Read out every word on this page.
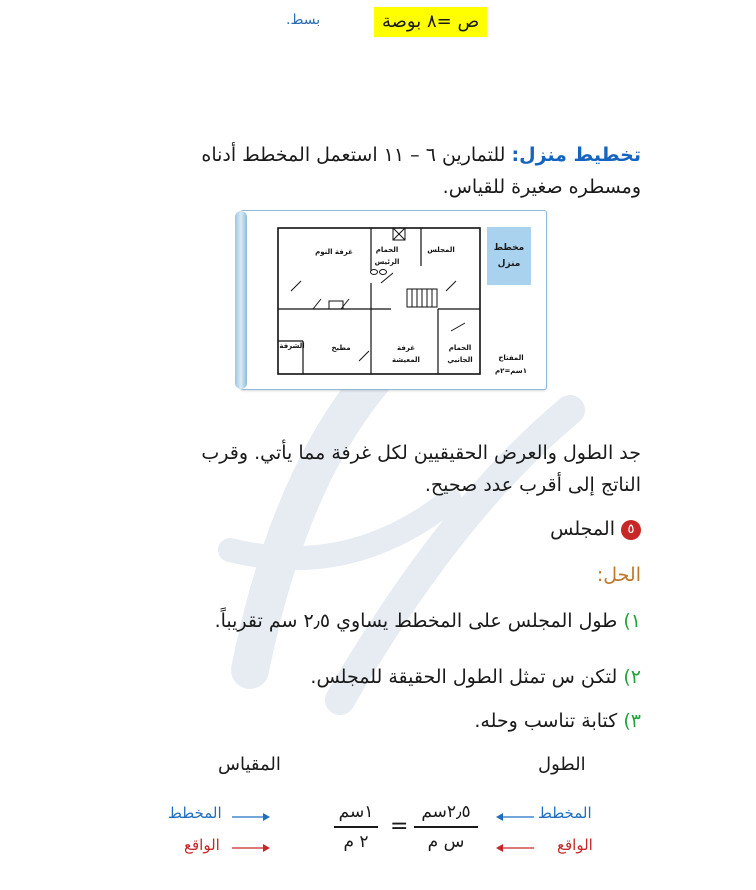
ص =٨ بوصة
بسط.
تخطيط منزل: للتمارين ٦ – ١١ استعمل المخطط أدناه
ومسطره صغيرة للقياس.
غرفة النوم	الحمام
الرئيس
المجلس
الشرفة	مطبخ	غرفة
المعيشة
الحمام
الجانبي
مخطط
منزل
المفتاح
١سم=٢م
جد الطول والعرض الحقيقيين لكل غرفة مما يأتي. وقرب
الناتج إلى أقرب عدد صحيح.
٥المجلس
الحل:
١) طول المجلس على المخطط يساوي ٢٫٥ سم تقريباً.
٢) لتكن س تمثل الطول الحقيقة للمجلس.
٣) كتابة تناسب وحله.
الطول
المقياس
المخطط
الواقع
٢٫٥سم
س م
=
١سم
٢ م
المخطط
الواقع
